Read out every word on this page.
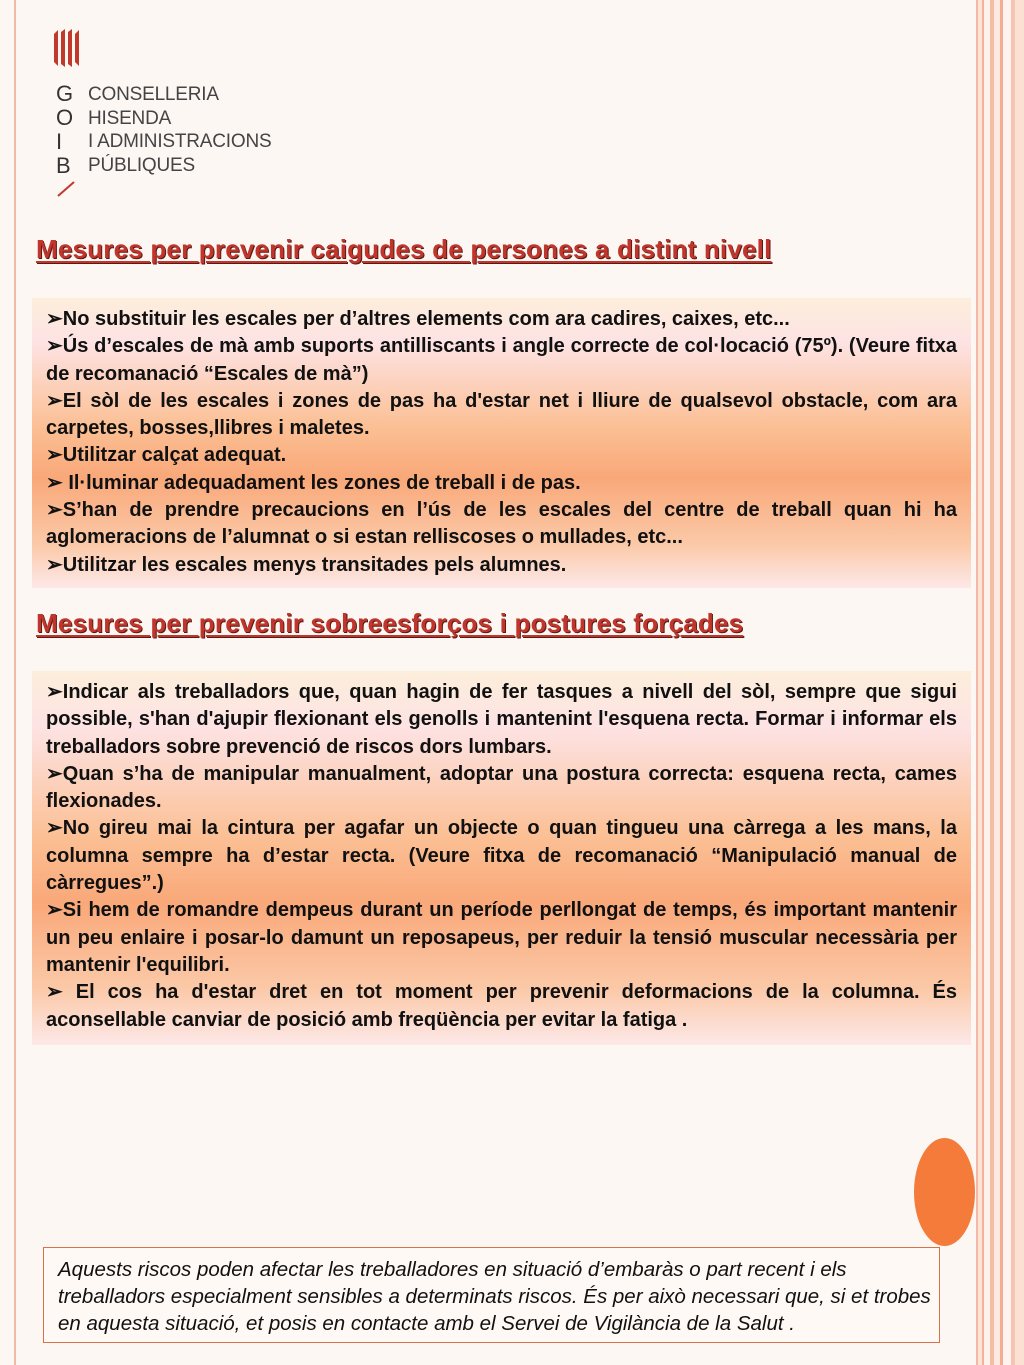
G
O
I
B
CONSELLERIA
HISENDA
I ADMINISTRACIONS
PÚBLIQUES
Mesures per prevenir caigudes de persones a distint nivell

➢No substituir les escales per d’altres elements com ara cadires, caixes, etc...

➢Ús d’escales de mà amb suports antilliscants i angle correcte de col·locació (75º). (Veure fitxa de recomanació “Escales de mà”)

➢El sòl de les escales i zones de pas ha d'estar net i lliure de qualsevol obstacle, com ara carpetes, bosses,llibres i maletes.

➢Utilitzar calçat adequat.

➢ Il·luminar adequadament les zones de treball i de pas.

➢S’han de prendre precaucions en l’ús de les escales del centre de treball quan hi ha aglomeracions de l’alumnat o si estan relliscoses o mullades, etc...

➢Utilitzar les escales menys transitades pels alumnes.

Mesures per prevenir sobreesforços i postures forçades

➢Indicar als treballadors que, quan hagin de fer tasques a nivell del sòl, sempre que sigui possible, s'han d'ajupir flexionant els genolls i mantenint l'esquena recta. Formar i informar els treballadors sobre prevenció de riscos dors lumbars.

➢Quan s’ha de manipular manualment, adoptar una postura correcta: esquena recta, cames flexionades.

➢No gireu mai la cintura per agafar un objecte o quan tingueu una càrrega a les mans, la columna sempre ha d’estar recta. (Veure fitxa de recomanació “Manipulació manual de càrregues”.)

➢Si hem de romandre dempeus durant un període perllongat de temps, és important mantenir un peu enlaire i posar-lo damunt un reposapeus, per reduir la tensió muscular necessària per mantenir l'equilibri.

➢ El cos ha d'estar dret en tot moment per prevenir deformacions de la columna. És aconsellable canviar de posició amb freqüència per evitar la fatiga .

Aquests riscos poden afectar les treballadores en situació d’embaràs o part recent i els treballadors especialment sensibles a determinats riscos. És per això necessari que, si et trobes en aquesta situació, et posis en contacte amb el Servei de Vigilància de la Salut .
